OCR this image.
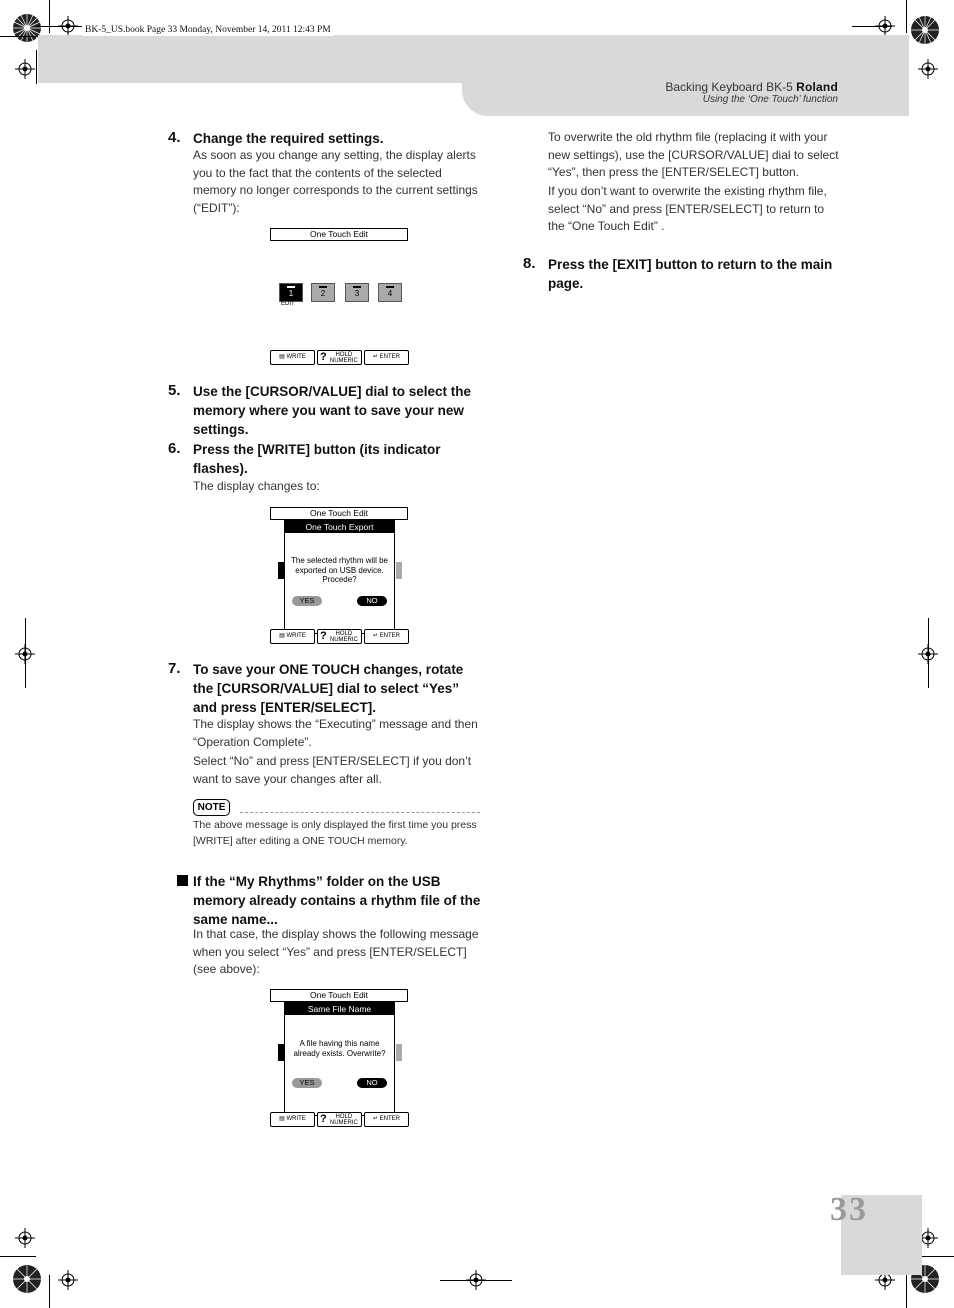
BK-5_US.book Page 33 Monday, November 14, 2011 12:43 PM
Backing Keyboard BK-5 Roland
Using the ‘One Touch’ function
4. Change the required settings.
As soon as you change any setting, the display alerts you to the fact that the contents of the selected memory no longer corresponds to the current settings (“EDIT”):
One Touch Edit
1	2	3	4
EDIT
▤ WRITE	?	HOLD
NUMERIC
↵ ENTER
5. Use the [CURSOR/VALUE] dial to select the memory where you want to save your new settings.
6. Press the [WRITE] button (its indicator flashes).
The display changes to:
One Touch Edit
One Touch Export
The selected rhythm will be exported on USB device. Procede?
YES	NO
▤ WRITE	?	HOLD
NUMERIC
↵ ENTER
7. To save your ONE TOUCH changes, rotate the [CURSOR/VALUE] dial to select “Yes” and press [ENTER/SELECT].
The display shows the “Executing” message and then “Operation Complete”.
Select “No” and press [ENTER/SELECT] if you don’t want to save your changes after all.
NOTE
The above message is only displayed the first time you press [WRITE] after editing a ONE TOUCH memory.
If the “My Rhythms” folder on the USB memory already contains a rhythm file of the same name...
In that case, the display shows the following message when you select “Yes” and press [ENTER/SELECT] (see above):
One Touch Edit
Same File Name
A file having this name already exists. Overwrite?
YES	NO
▤ WRITE	?	HOLD
NUMERIC
↵ ENTER
To overwrite the old rhythm file (replacing it with your new settings), use the [CURSOR/VALUE] dial to select “Yes”, then press the [ENTER/SELECT] button.
If you don’t want to overwrite the existing rhythm file, select “No” and press [ENTER/SELECT] to return to the “One Touch Edit” .
8. Press the [EXIT] button to return to the main page.
33
